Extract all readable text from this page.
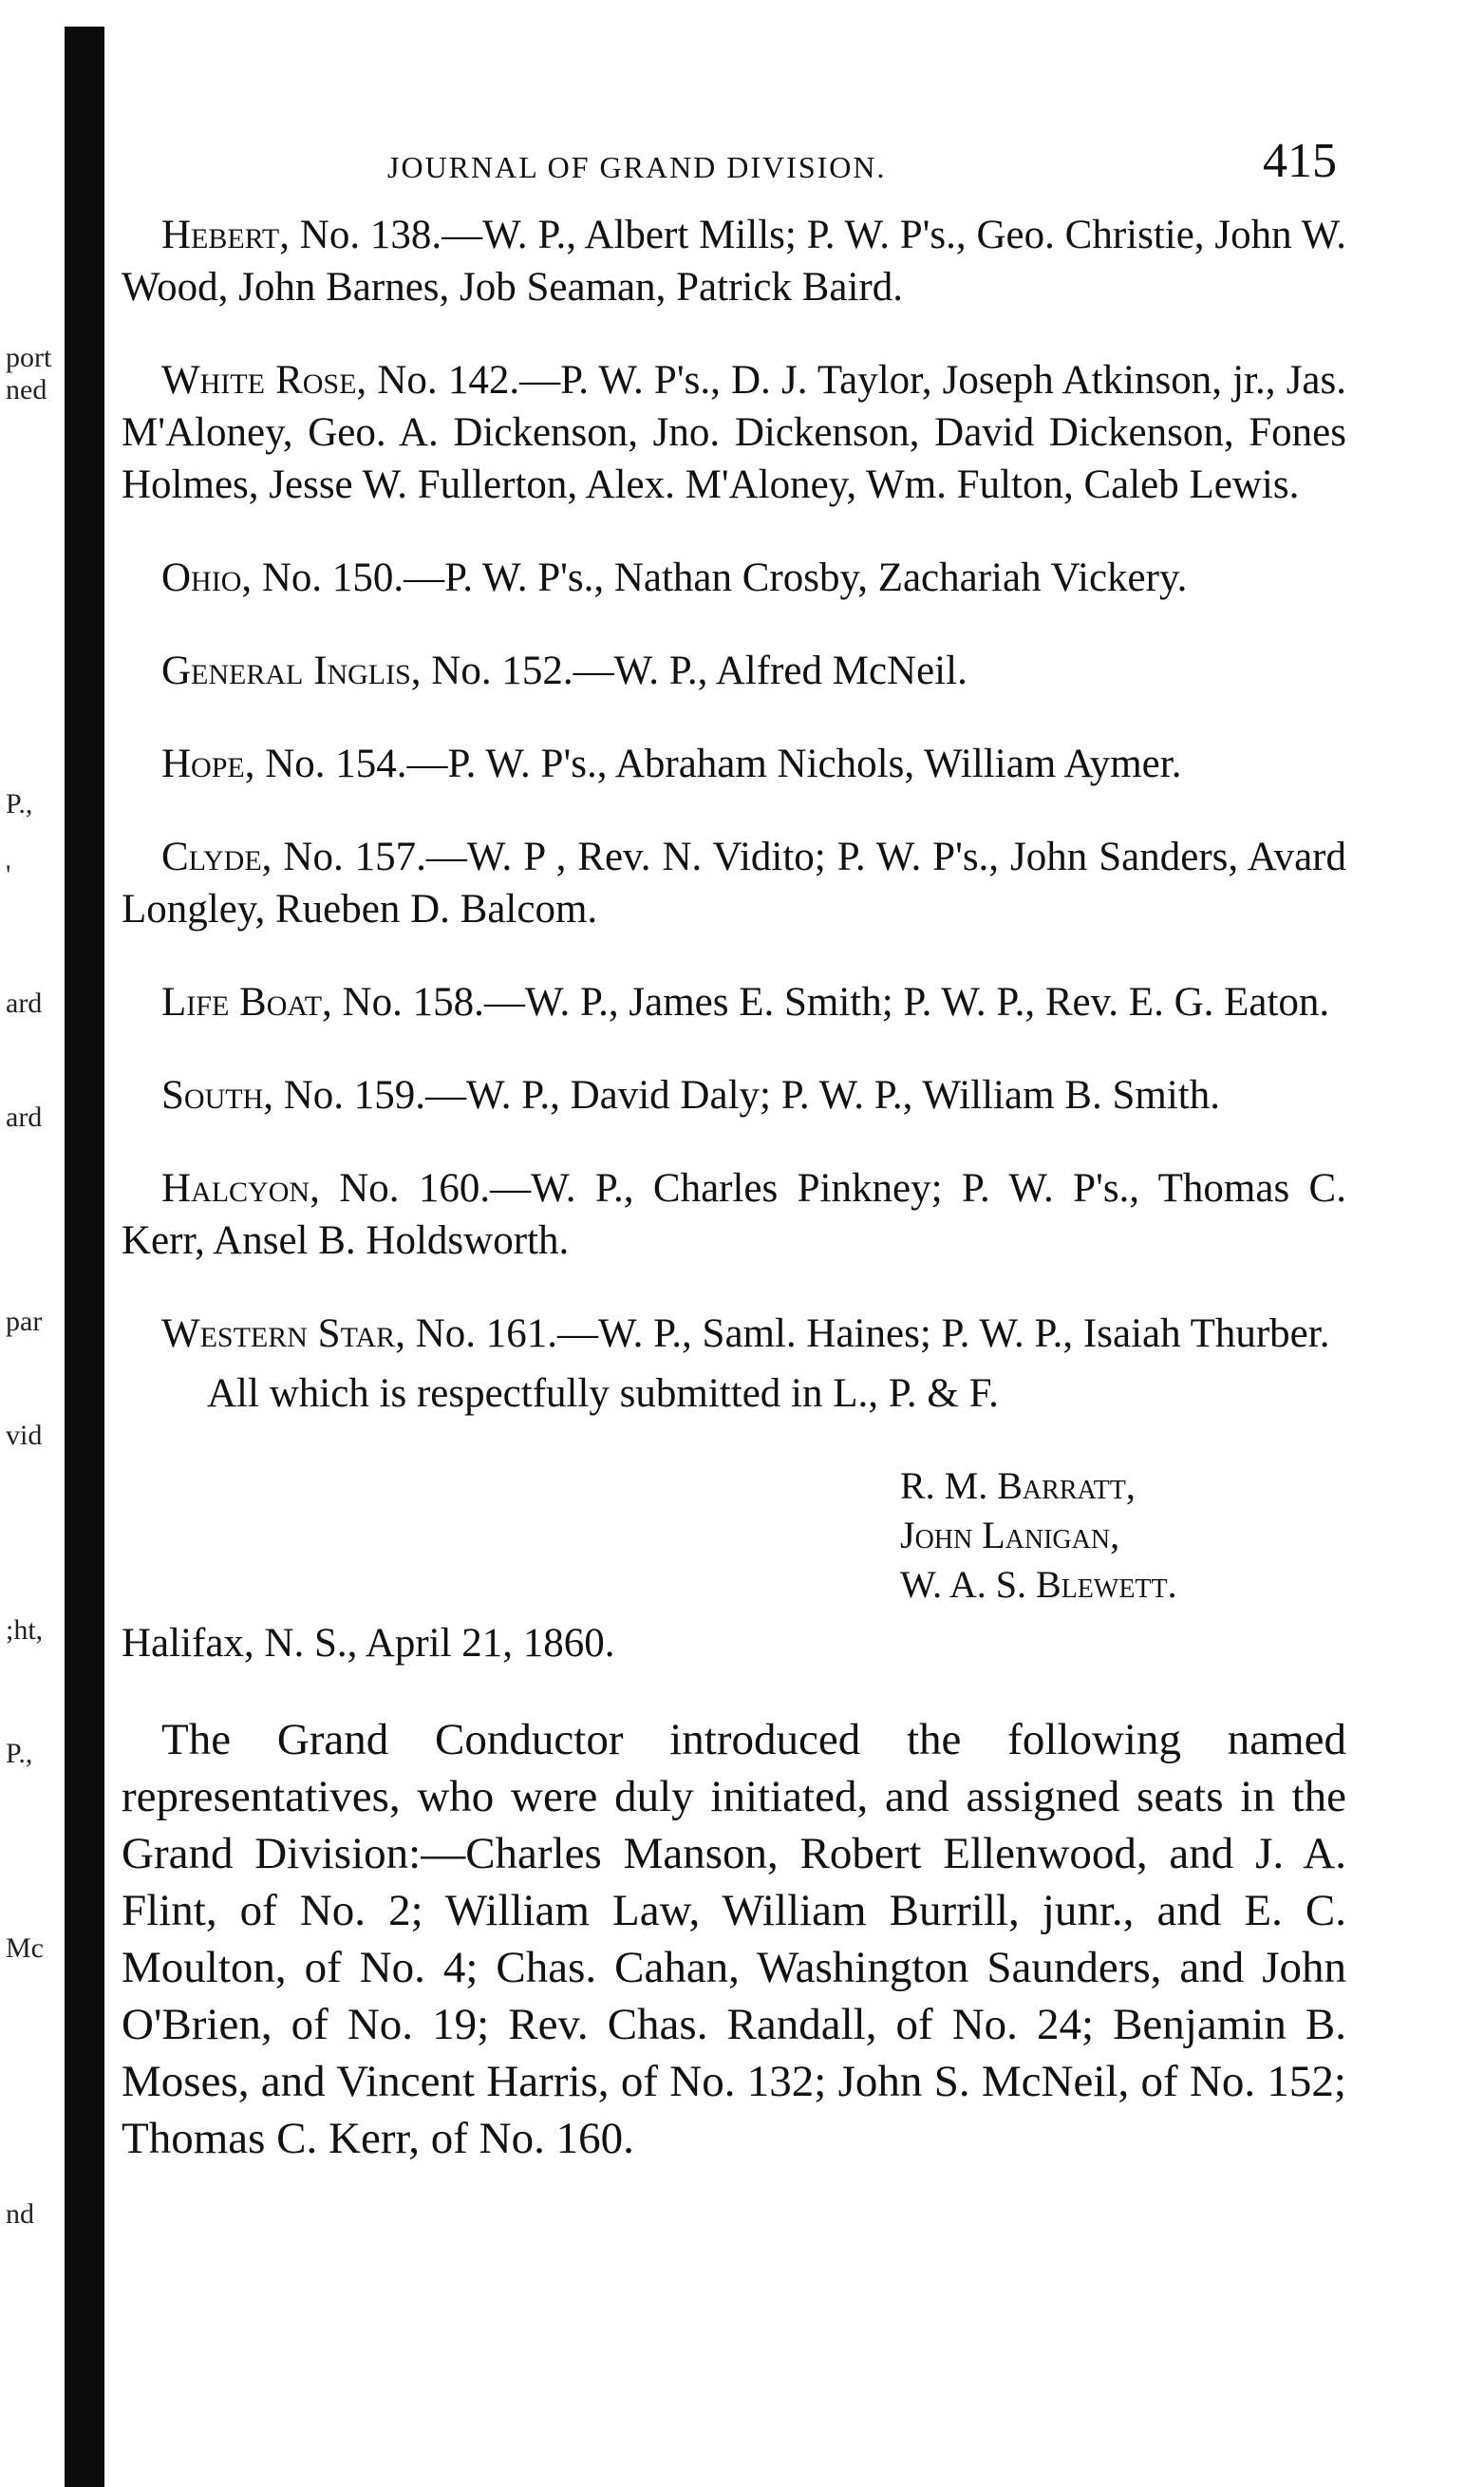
port
ned
P.,
'
ard
ard
par
vid
;ht,
P.,
Mc
nd
JOURNAL OF GRAND DIVISION.	415

Hebert, No. 138.—W. P., Albert Mills; P. W. P's., Geo. Christie, John W. Wood, John Barnes, Job Seaman, Patrick Baird.

White Rose, No. 142.—P. W. P's., D. J. Taylor, Joseph Atkinson, jr., Jas. M'Aloney, Geo. A. Dickenson, Jno. Dickenson, David Dickenson, Fones Holmes, Jesse W. Fullerton, Alex. M'Aloney, Wm. Fulton, Caleb Lewis.

Ohio, No. 150.—P. W. P's., Nathan Crosby, Zachariah Vickery.

General Inglis, No. 152.—W. P., Alfred McNeil.

Hope, No. 154.—P. W. P's., Abraham Nichols, William Aymer.

Clyde, No. 157.—W. P , Rev. N. Vidito; P. W. P's., John Sanders, Avard Longley, Rueben D. Balcom.

Life Boat, No. 158.—W. P., James E. Smith; P. W. P., Rev. E. G. Eaton.

South, No. 159.—W. P., David Daly; P. W. P., William B. Smith.

Halcyon, No. 160.—W. P., Charles Pinkney; P. W. P's., Thomas C. Kerr, Ansel B. Holdsworth.

Western Star, No. 161.—W. P., Saml. Haines; P. W. P., Isaiah Thurber.

All which is respectfully submitted in L., P. & F.

R. M. Barratt,
John Lanigan,
W. A. S. Blewett.

Halifax, N. S., April 21, 1860.

The Grand Conductor introduced the following named representatives, who were duly initiated, and assigned seats in the Grand Division:—Charles Manson, Robert Ellenwood, and J. A. Flint, of No. 2; William Law, William Burrill, junr., and E. C. Moulton, of No. 4; Chas. Cahan, Washington Saunders, and John O'Brien, of No. 19; Rev. Chas. Randall, of No. 24; Benjamin B. Moses, and Vincent Harris, of No. 132; John S. McNeil, of No. 152; Thomas C. Kerr, of No. 160.
